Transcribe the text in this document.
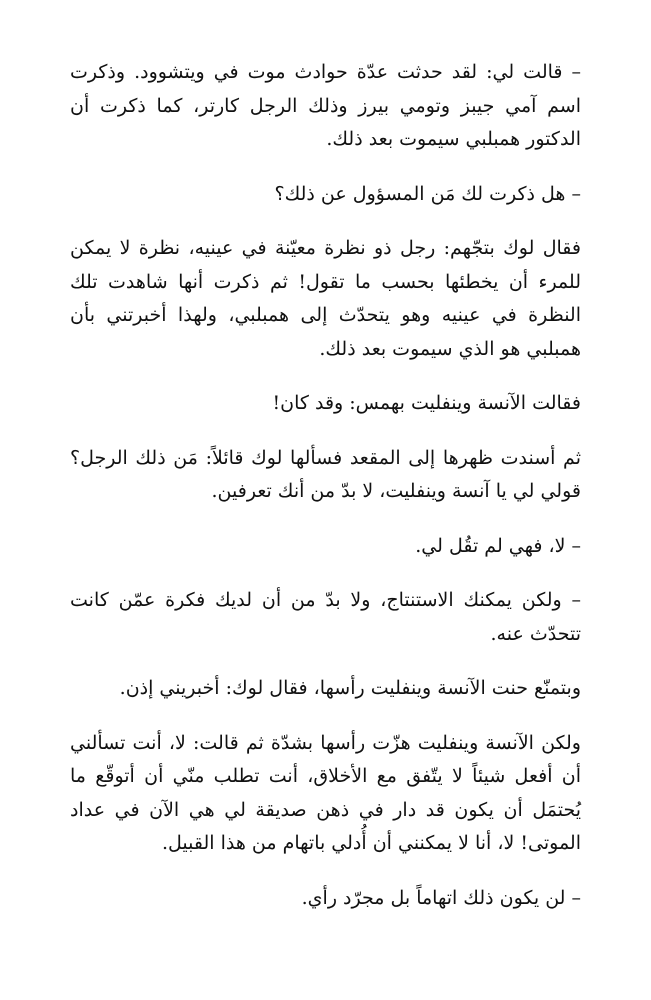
– قالت لي: لقد حدثت عدّة حوادث موت في ويتشوود. وذكرت اسم آمي جيبز وتومي بيرز وذلك الرجل كارتر، كما ذكرت أن الدكتور همبلبي سيموت بعد ذلك.

– هل ذكرت لك مَن المسؤول عن ذلك؟

فقال لوك بتجّهم: رجل ذو نظرة معيّنة في عينيه، نظرة لا يمكن للمرء أن يخطئها بحسب ما تقول! ثم ذكرت أنها شاهدت تلك النظرة في عينيه وهو يتحدّث إلى همبلبي، ولهذا أخبرتني بأن همبلبي هو الذي سيموت بعد ذلك.

فقالت الآنسة وينفليت بهمس: وقد كان!

ثم أسندت ظهرها إلى المقعد فسألها لوك قائلاً: مَن ذلك الرجل؟ قولي لي يا آنسة وينفليت، لا بدّ من أنك تعرفين.

– لا، فهي لم تقُل لي.

– ولكن يمكنك الاستنتاج، ولا بدّ من أن لديك فكرة عمّن كانت تتحدّث عنه.

وبتمنّع حنت الآنسة وينفليت رأسها، فقال لوك: أخبريني إذن.

ولكن الآنسة وينفليت هزّت رأسها بشدّة ثم قالت: لا، أنت تسألني أن أفعل شيئاً لا يتّفق مع الأخلاق، أنت تطلب منّي أن أتوقّع ما يُحتمَل أن يكون قد دار في ذهن صديقة لي هي الآن في عداد الموتى! لا، أنا لا يمكنني أن أُدلي باتهام من هذا القبيل.

– لن يكون ذلك اتهاماً بل مجرّد رأي.
